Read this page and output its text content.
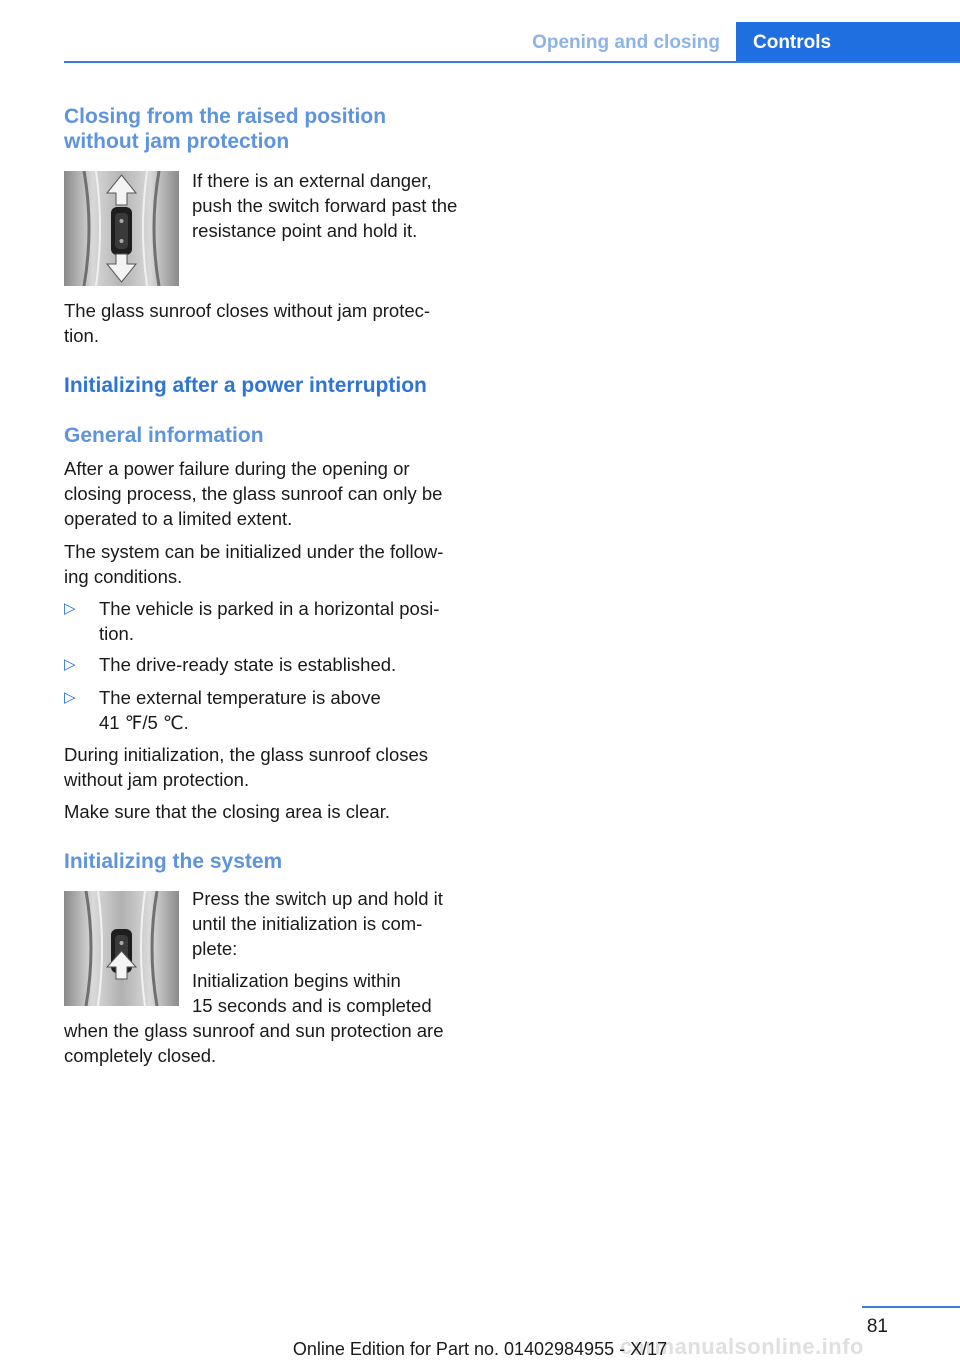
Opening and closing	Controls

Closing from the raised position

without jam protection

If there is an external danger,

push the switch forward past the

resistance point and hold it.

The glass sunroof closes without jam protec-

tion.

Initializing after a power interruption

General information

After a power failure during the opening or

closing process, the glass sunroof can only be

operated to a limited extent.

The system can be initialized under the follow-

ing conditions.

▷ The vehicle is parked in a horizontal posi-

tion.

▷ The drive-ready state is established.

▷ The external temperature is above

41 ℉/5 ℃.

During initialization, the glass sunroof closes

without jam protection.

Make sure that the closing area is clear.

Initializing the system

Press the switch up and hold it

until the initialization is com-

plete:

Initialization begins within

15 seconds and is completed

when the glass sunroof and sun protection are

completely closed.

81
carmanualsonline.info
Online Edition for Part no. 01402984955 - X/17
